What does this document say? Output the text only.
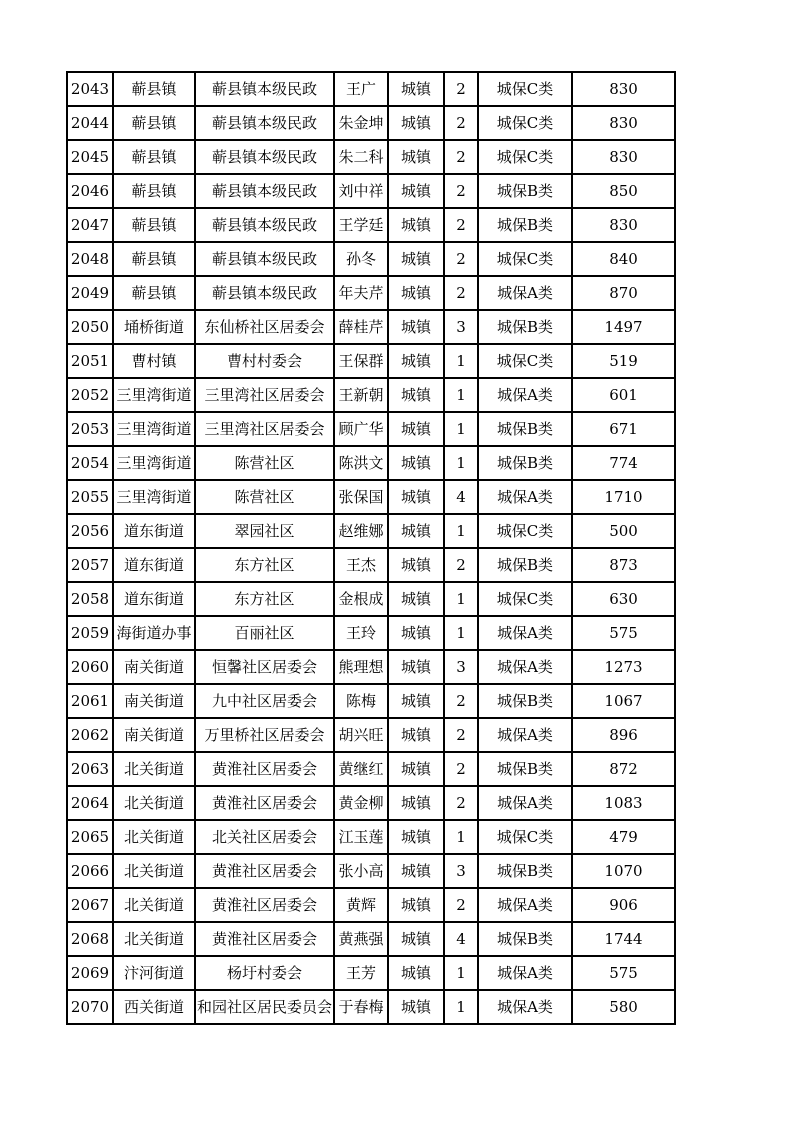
2043	蕲县镇	蕲县镇本级民政	王广	城镇	2	城保C类	830
2044	蕲县镇	蕲县镇本级民政	朱金坤	城镇	2	城保C类	830
2045	蕲县镇	蕲县镇本级民政	朱二科	城镇	2	城保C类	830
2046	蕲县镇	蕲县镇本级民政	刘中祥	城镇	2	城保B类	850
2047	蕲县镇	蕲县镇本级民政	王学廷	城镇	2	城保B类	830
2048	蕲县镇	蕲县镇本级民政	孙冬	城镇	2	城保C类	840
2049	蕲县镇	蕲县镇本级民政	年夫芹	城镇	2	城保A类	870
2050	埇桥街道	东仙桥社区居委会	薛桂芹	城镇	3	城保B类	1497
2051	曹村镇	曹村村委会	王保群	城镇	1	城保C类	519
2052	三里湾街道	三里湾社区居委会	王新朝	城镇	1	城保A类	601
2053	三里湾街道	三里湾社区居委会	顾广华	城镇	1	城保B类	671
2054	三里湾街道	陈营社区	陈洪文	城镇	1	城保B类	774
2055	三里湾街道	陈营社区	张保国	城镇	4	城保A类	1710
2056	道东街道	翠园社区	赵维娜	城镇	1	城保C类	500
2057	道东街道	东方社区	王杰	城镇	2	城保B类	873
2058	道东街道	东方社区	金根成	城镇	1	城保C类	630
2059	海街道办事	百丽社区	王玲	城镇	1	城保A类	575
2060	南关街道	恒馨社区居委会	熊理想	城镇	3	城保A类	1273
2061	南关街道	九中社区居委会	陈梅	城镇	2	城保B类	1067
2062	南关街道	万里桥社区居委会	胡兴旺	城镇	2	城保A类	896
2063	北关街道	黄淮社区居委会	黄继红	城镇	2	城保B类	872
2064	北关街道	黄淮社区居委会	黄金柳	城镇	2	城保A类	1083
2065	北关街道	北关社区居委会	江玉莲	城镇	1	城保C类	479
2066	北关街道	黄淮社区居委会	张小高	城镇	3	城保B类	1070
2067	北关街道	黄淮社区居委会	黄辉	城镇	2	城保A类	906
2068	北关街道	黄淮社区居委会	黄燕强	城镇	4	城保B类	1744
2069	汴河街道	杨圩村委会	王芳	城镇	1	城保A类	575
2070	西关街道	和园社区居民委员会	于春梅	城镇	1	城保A类	580
